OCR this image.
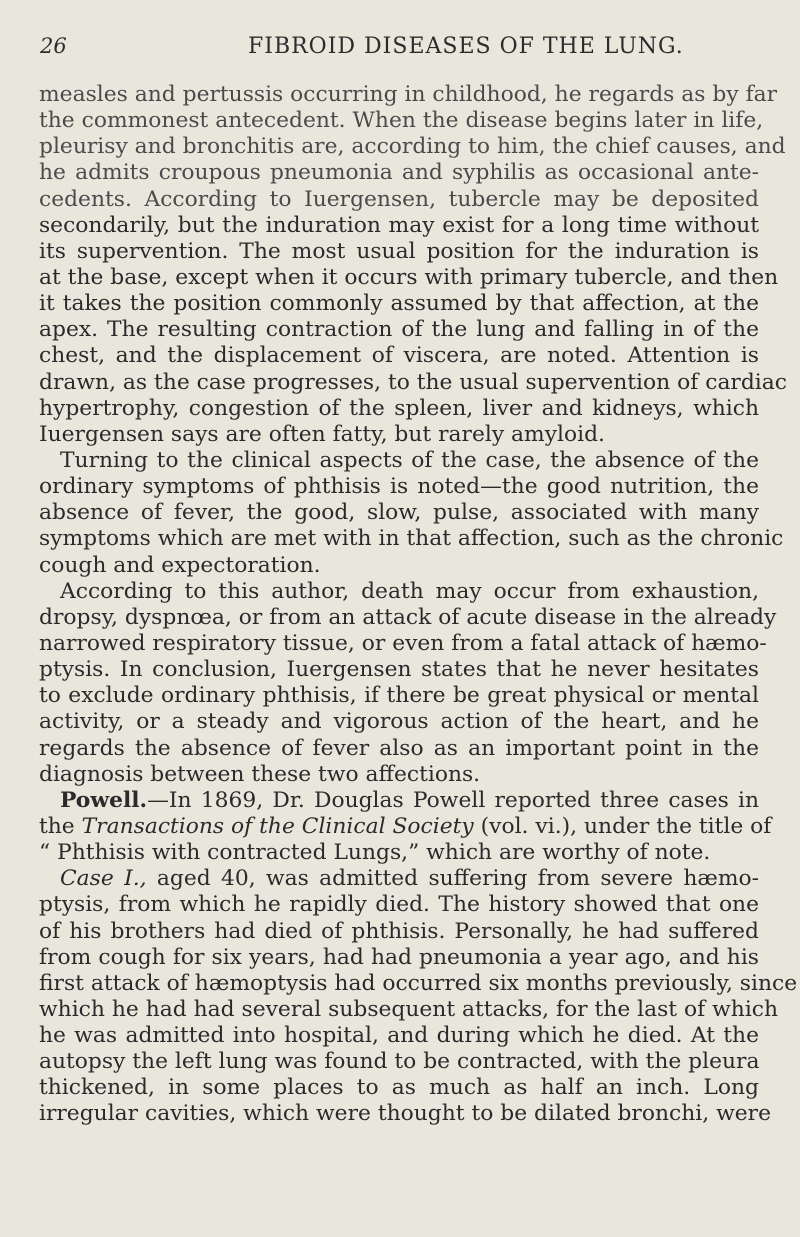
26	FIBROID DISEASES OF THE LUNG.
measles and pertussis occurring in childhood, he regards as by far
the commonest antecedent. When the disease begins later in life,
pleurisy and bronchitis are, according to him, the chief causes, and
he admits croupous pneumonia and syphilis as occasional ante-
cedents. According to Iuergensen, tubercle may be deposited
secondarily, but the induration may exist for a long time without
its supervention. The most usual position for the induration is
at the base, except when it occurs with primary tubercle, and then
it takes the position commonly assumed by that affection, at the
apex. The resulting contraction of the lung and falling in of the
chest, and the displacement of viscera, are noted. Attention is
drawn, as the case progresses, to the usual supervention of cardiac
hypertrophy, congestion of the spleen, liver and kidneys, which
Iuergensen says are often fatty, but rarely amyloid.
Turning to the clinical aspects of the case, the absence of the
ordinary symptoms of phthisis is noted—the good nutrition, the
absence of fever, the good, slow, pulse, associated with many
symptoms which are met with in that affection, such as the chronic
cough and expectoration.
According to this author, death may occur from exhaustion,
dropsy, dyspnœa, or from an attack of acute disease in the already
narrowed respiratory tissue, or even from a fatal attack of hæmo-
ptysis. In conclusion, Iuergensen states that he never hesitates
to exclude ordinary phthisis, if there be great physical or mental
activity, or a steady and vigorous action of the heart, and he
regards the absence of fever also as an important point in the
diagnosis between these two affections.
Powell.—In 1869, Dr. Douglas Powell reported three cases in
the Transactions of the Clinical Society (vol. vi.), under the title of
“ Phthisis with contracted Lungs,” which are worthy of note.
Case I., aged 40, was admitted suffering from severe hæmo-
ptysis, from which he rapidly died. The history showed that one
of his brothers had died of phthisis. Personally, he had suffered
from cough for six years, had had pneumonia a year ago, and his
first attack of hæmoptysis had occurred six months previously, since
which he had had several subsequent attacks, for the last of which
he was admitted into hospital, and during which he died. At the
autopsy the left lung was found to be contracted, with the pleura
thickened, in some places to as much as half an inch. Long
irregular cavities, which were thought to be dilated bronchi, were
